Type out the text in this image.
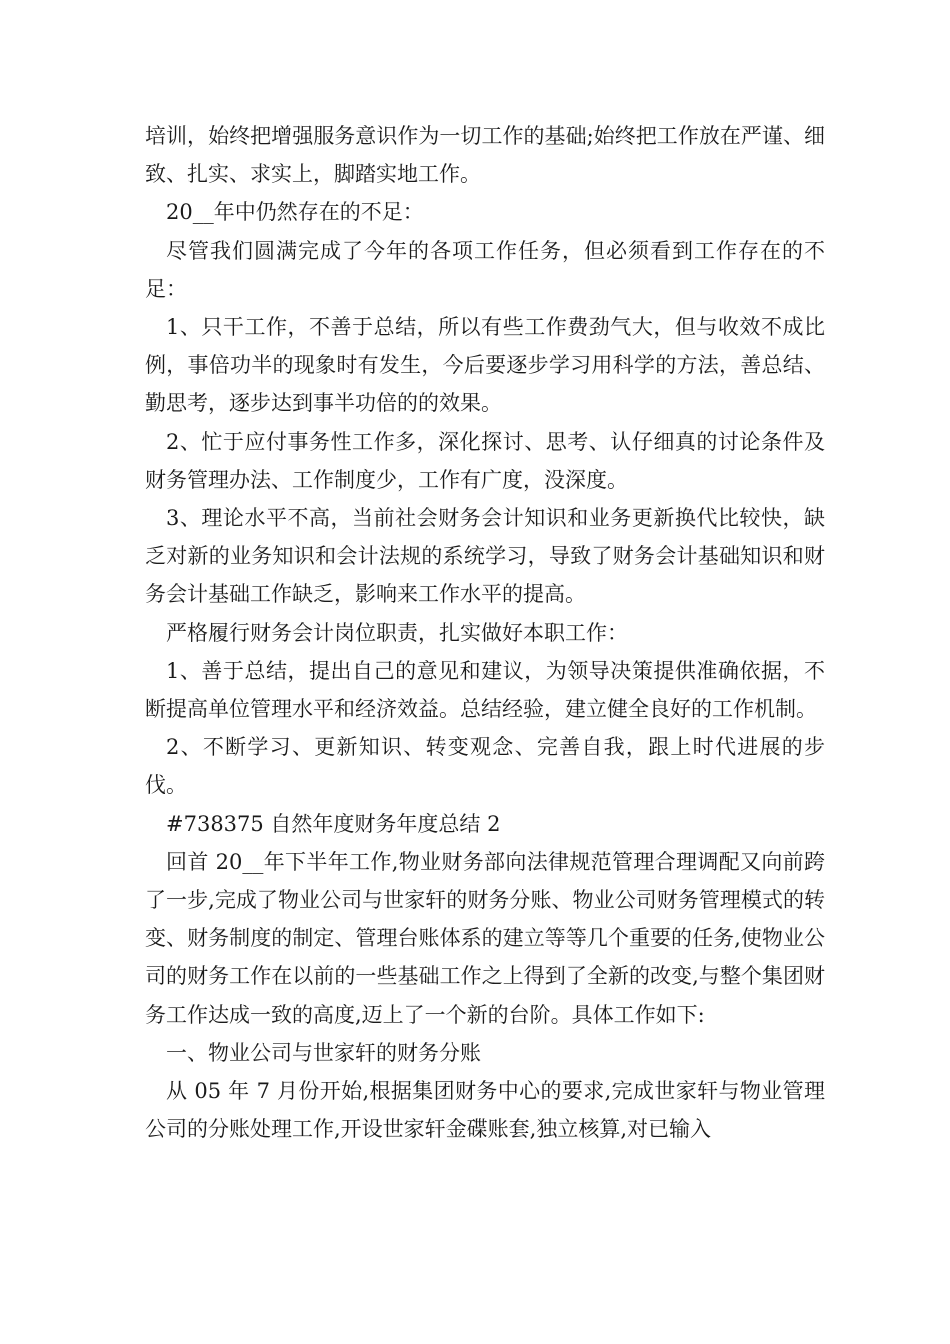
培训，始终把增强服务意识作为一切工作的基础;始终把工作放在严谨、细致、扎实、求实上，脚踏实地工作。

20__年中仍然存在的不足：

尽管我们圆满完成了今年的各项工作任务，但必须看到工作存在的不足：

1、只干工作，不善于总结，所以有些工作费劲气大，但与收效不成比例，事倍功半的现象时有发生，今后要逐步学习用科学的方法，善总结、勤思考，逐步达到事半功倍的的效果。

2、忙于应付事务性工作多，深化探讨、思考、认仔细真的讨论条件及财务管理办法、工作制度少，工作有广度，没深度。

3、理论水平不高，当前社会财务会计知识和业务更新换代比较快，缺乏对新的业务知识和会计法规的系统学习，导致了财务会计基础知识和财务会计基础工作缺乏，影响来工作水平的提高。

严格履行财务会计岗位职责，扎实做好本职工作：

1、善于总结，提出自己的意见和建议，为领导决策提供准确依据，不断提高单位管理水平和经济效益。总结经验，建立健全良好的工作机制。

2、不断学习、更新知识、转变观念、完善自我，跟上时代进展的步伐。

#738375 自然年度财务年度总结 2

回首 20__年下半年工作,物业财务部向法律规范管理合理调配又向前跨了一步,完成了物业公司与世家轩的财务分账、物业公司财务管理模式的转变、财务制度的制定、管理台账体系的建立等等几个重要的任务,使物业公司的财务工作在以前的一些基础工作之上得到了全新的改变,与整个集团财务工作达成一致的高度,迈上了一个新的台阶。具体工作如下:

一、物业公司与世家轩的财务分账

从 05 年 7 月份开始,根据集团财务中心的要求,完成世家轩与物业管理公司的分账处理工作,开设世家轩金碟账套,独立核算,对已输入
